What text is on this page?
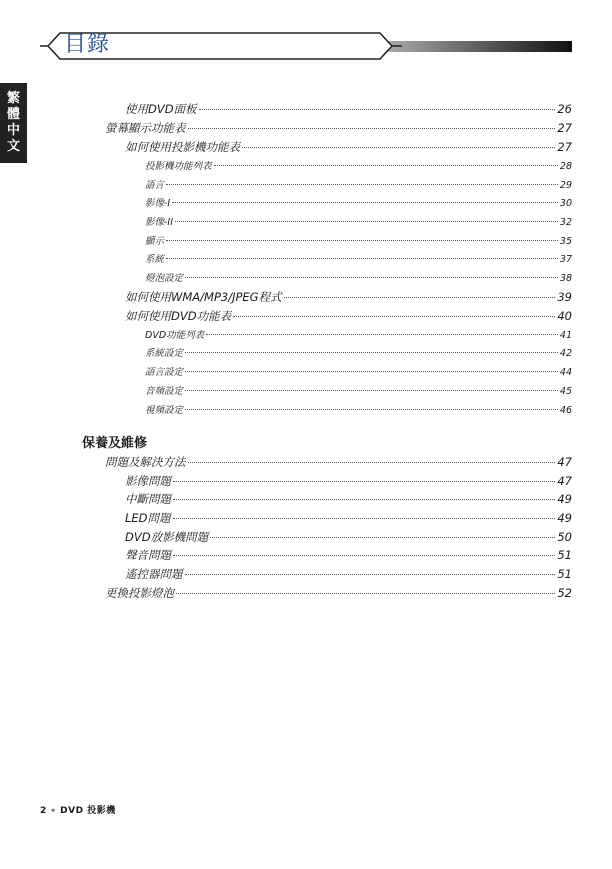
目錄
繁體中文
使用DVD面板	26
螢幕顯示功能表	27
如何使用投影機功能表	27
投影機功能列表	28
語言	29
影像-I	30
影像-II	32
顯示	35
系統	37
燈泡設定	38
如何使用WMA/MP3/JPEG程式	39
如何使用DVD功能表	40
DVD功能列表	41
系統設定	42
語言設定	44
音頻設定	45
視頻設定	46
問題及解決方法	47
影像問題	47
中斷問題	49
LED問題	49
DVD放影機問題	50
聲音問題	51
遙控器問題	51
更換投影燈泡	52
保養及維修
2 ∘ DVD 投影機
